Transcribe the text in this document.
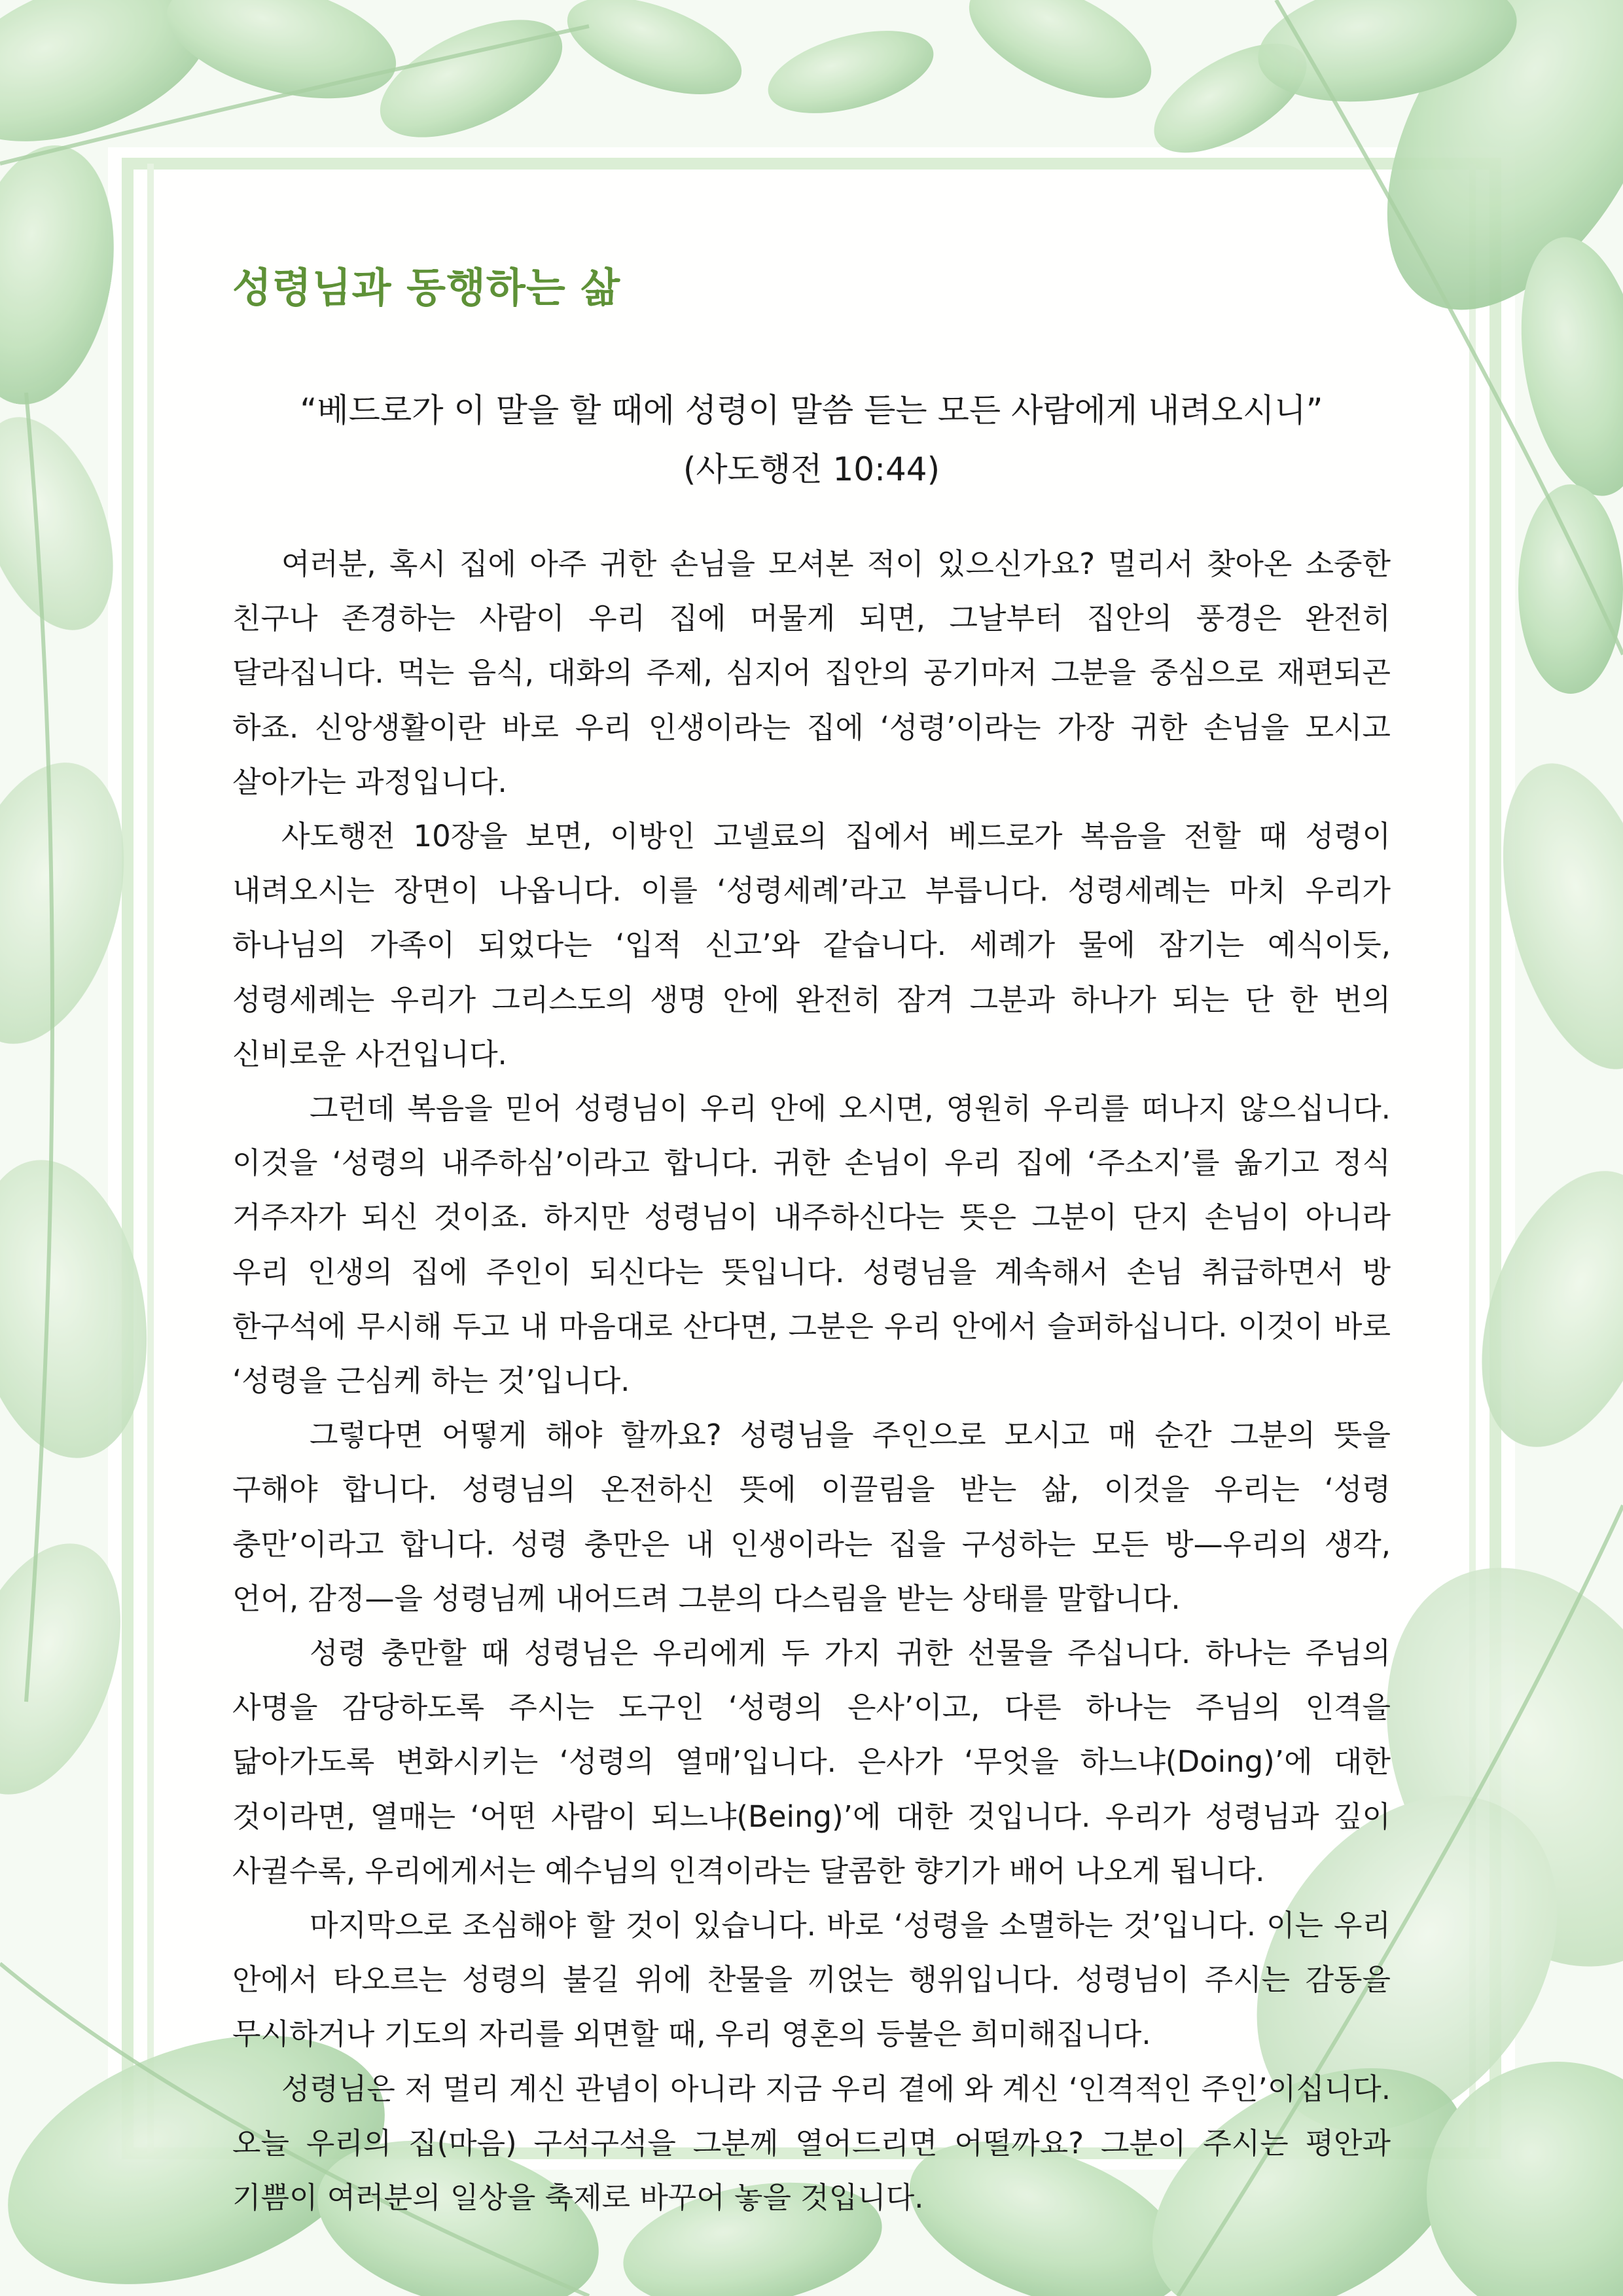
성령님과 동행하는 삶

“베드로가 이 말을 할 때에 성령이 말씀 듣는 모든 사람에게 내려오시니”

(사도행전 10:44)

여러분, 혹시 집에 아주 귀한 손님을 모셔본 적이 있으신가요? 멀리서 찾아온 소중한 친구나 존경하는 사람이 우리 집에 머물게 되면, 그날부터 집안의 풍경은 완전히 달라집니다. 먹는 음식, 대화의 주제, 심지어 집안의 공기마저 그분을 중심으로 재편되곤 하죠. 신앙생활이란 바로 우리 인생이라는 집에 ‘성령’이라는 가장 귀한 손님을 모시고 살아가는 과정입니다.

사도행전 10장을 보면, 이방인 고넬료의 집에서 베드로가 복음을 전할 때 성령이 내려오시는 장면이 나옵니다. 이를 ‘성령세례’라고 부릅니다. 성령세례는 마치 우리가 하나님의 가족이 되었다는 ‘입적 신고’와 같습니다. 세례가 물에 잠기는 예식이듯, 성령세례는 우리가 그리스도의 생명 안에 완전히 잠겨 그분과 하나가 되는 단 한 번의 신비로운 사건입니다.

그런데 복음을 믿어 성령님이 우리 안에 오시면, 영원히 우리를 떠나지 않으십니다. 이것을 ‘성령의 내주하심’이라고 합니다. 귀한 손님이 우리 집에 ‘주소지’를 옮기고 정식 거주자가 되신 것이죠. 하지만 성령님이 내주하신다는 뜻은 그분이 단지 손님이 아니라 우리 인생의 집에 주인이 되신다는 뜻입니다. 성령님을 계속해서 손님 취급하면서 방 한구석에 무시해 두고 내 마음대로 산다면, 그분은 우리 안에서 슬퍼하십니다. 이것이 바로 ‘성령을 근심케 하는 것’입니다.

그렇다면 어떻게 해야 할까요? 성령님을 주인으로 모시고 매 순간 그분의 뜻을 구해야 합니다. 성령님의 온전하신 뜻에 이끌림을 받는 삶, 이것을 우리는 ‘성령 충만’이라고 합니다. 성령 충만은 내 인생이라는 집을 구성하는 모든 방—우리의 생각, 언어, 감정—을 성령님께 내어드려 그분의 다스림을 받는 상태를 말합니다.

성령 충만할 때 성령님은 우리에게 두 가지 귀한 선물을 주십니다. 하나는 주님의 사명을 감당하도록 주시는 도구인 ‘성령의 은사’이고, 다른 하나는 주님의 인격을 닮아가도록 변화시키는 ‘성령의 열매’입니다. 은사가 ‘무엇을 하느냐(Doing)’에 대한 것이라면, 열매는 ‘어떤 사람이 되느냐(Being)’에 대한 것입니다. 우리가 성령님과 깊이 사귈수록, 우리에게서는 예수님의 인격이라는 달콤한 향기가 배어 나오게 됩니다.

마지막으로 조심해야 할 것이 있습니다. 바로 ‘성령을 소멸하는 것’입니다. 이는 우리 안에서 타오르는 성령의 불길 위에 찬물을 끼얹는 행위입니다. 성령님이 주시는 감동을 무시하거나 기도의 자리를 외면할 때, 우리 영혼의 등불은 희미해집니다.

성령님은 저 멀리 계신 관념이 아니라 지금 우리 곁에 와 계신 ‘인격적인 주인’이십니다. 오늘 우리의 집(마음) 구석구석을 그분께 열어드리면 어떨까요? 그분이 주시는 평안과 기쁨이 여러분의 일상을 축제로 바꾸어 놓을 것입니다.
